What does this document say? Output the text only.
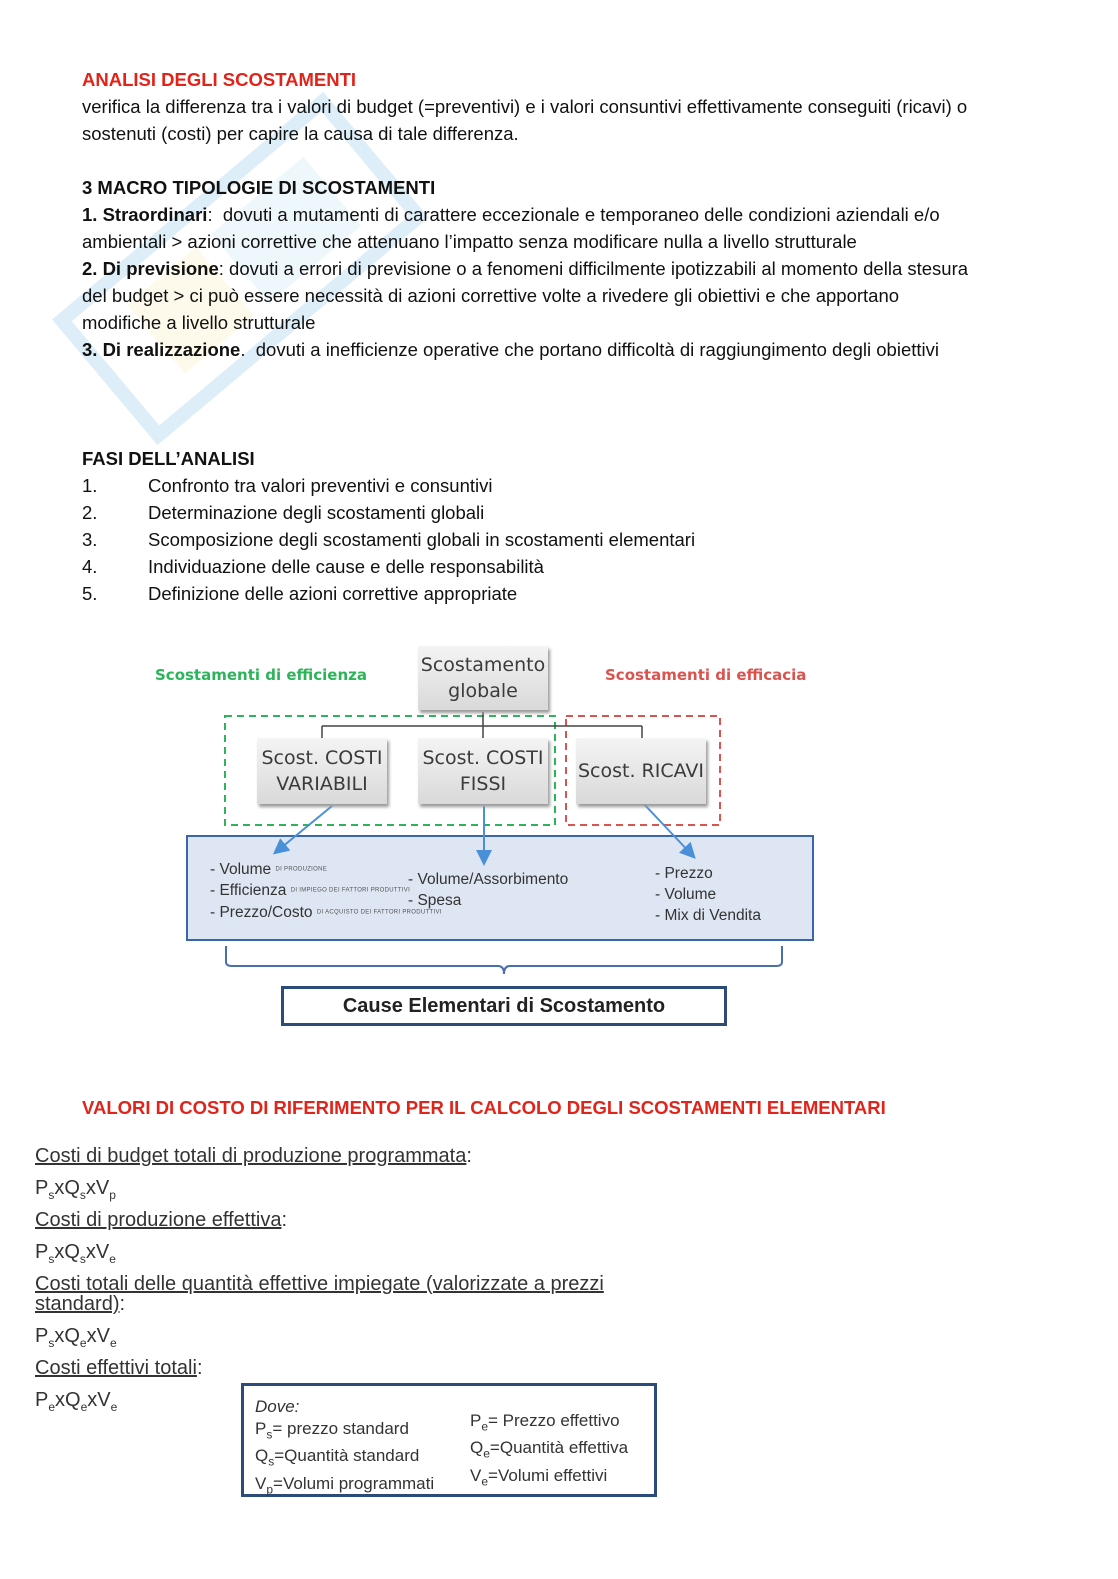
ANALISI DEGLI SCOSTAMENTI

verifica la differenza tra i valori di budget (=preventivi) e i valori consuntivi effettivamente conseguiti (ricavi) o sostenuti (costi) per capire la causa di tale differenza.

3 MACRO TIPOLOGIE DI SCOSTAMENTI

1. Straordinari:  dovuti a mutamenti di carattere eccezionale e temporaneo delle condizioni aziendali e/o ambientali > azioni correttive che attenuano l’impatto senza modificare nulla a livello strutturale

2. Di previsione: dovuti a errori di previsione o a fenomeni difficilmente ipotizzabili al momento della stesura del budget > ci può essere necessità di azioni correttive volte a rivedere gli obiettivi e che apportano modifiche a livello strutturale

3. Di realizzazione.  dovuti a inefficienze operative che portano difficoltà di raggiungimento degli obiettivi

FASI DELL’ANALISI

1.	Confronto tra valori preventivi e consuntivi
2.	Determinazione degli scostamenti globali
3.	Scomposizione degli scostamenti globali in scostamenti elementari
4.	Individuazione delle cause e delle responsabilità
5.	Definizione delle azioni correttive appropriate
Scostamenti di efficienza	Scostamenti di efficacia
Scostamento
globale
Scost. COSTI
VARIABILI
Scost. COSTI
FISSI
Scost. RICAVI
- Volume DI PRODUZIONE
- Efficienza DI IMPIEGO DEI FATTORI PRODUTTIVI
- Prezzo/Costo DI ACQUISTO DEI FATTORI PRODUTTIVI
- Volume/Assorbimento
- Spesa
- Prezzo
- Volume
- Mix di Vendita
Cause Elementari di Scostamento

VALORI DI COSTO DI RIFERIMENTO PER IL CALCOLO DEGLI SCOSTAMENTI ELEMENTARI

Costi di budget totali di produzione programmata:
$P_sxQ_sxV_p$
Costi di produzione effettiva:
$P_sxQ_sxV_e$
Costi totali delle quantità effettive impiegate (valorizzate a prezzi
standard):
$P_sxQ_exV_e$
Costi effettivi totali:
$P_exQ_exV_e$	Dove:
$P_s=$ prezzo standard
$Q_s=Quantità$ standard
$V_p=Volumi$ programmati
$P_e=$ Prezzo effettivo
$Q_e=Quantità$ effettiva
$V_e=Volumi$ effettivi
